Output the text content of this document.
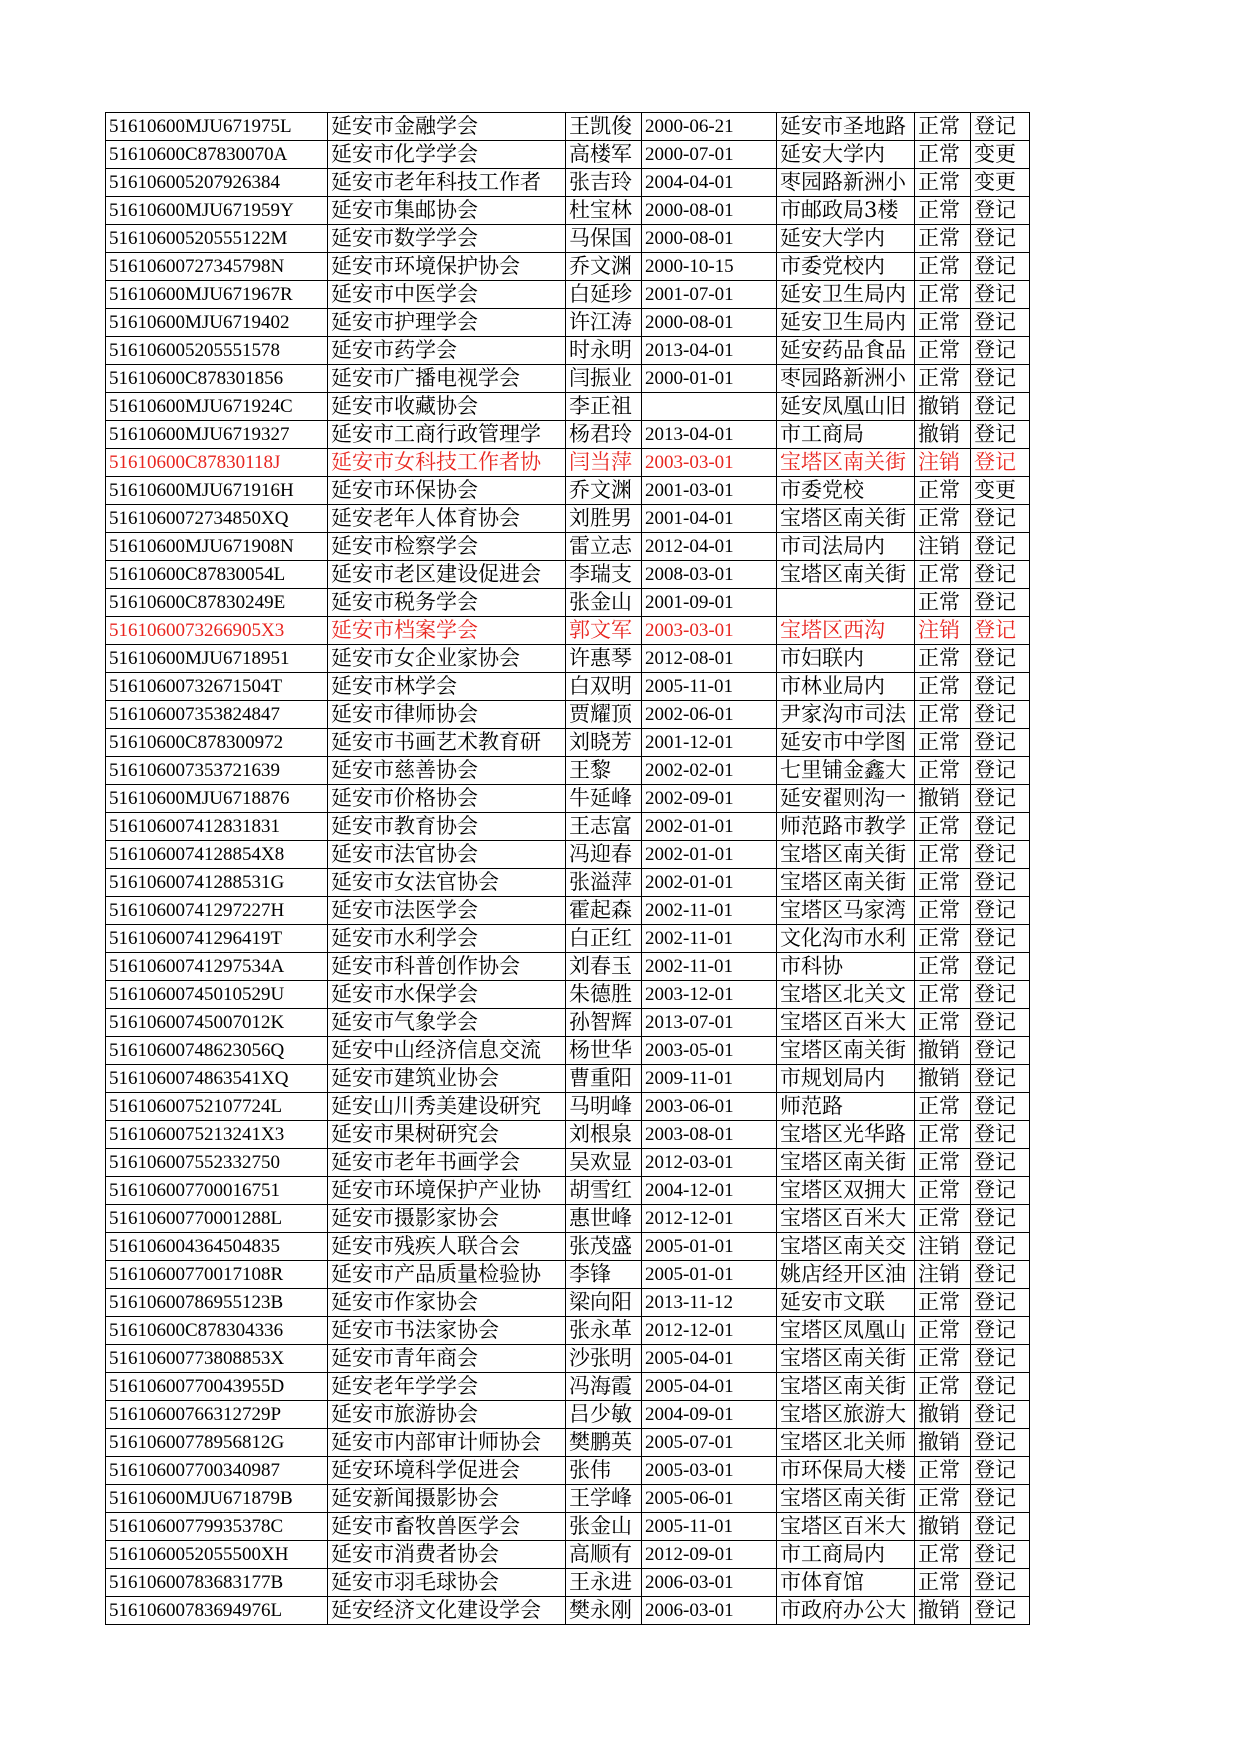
51610600MJU671975L	延安市金融学会	王凯俊	2000-06-21	延安市圣地路	正常	登记
51610600C87830070A	延安市化学学会	高楼军	2000-07-01	延安大学内	正常	变更
516106005207926384	延安市老年科技工作者	张吉玲	2004-04-01	枣园路新洲小	正常	变更
51610600MJU671959Y	延安市集邮协会	杜宝林	2000-08-01	市邮政局3楼	正常	登记
51610600520555122M	延安市数学学会	马保国	2000-08-01	延安大学内	正常	登记
51610600727345798N	延安市环境保护协会	乔文渊	2000-10-15	市委党校内	正常	登记
51610600MJU671967R	延安市中医学会	白延珍	2001-07-01	延安卫生局内	正常	登记
51610600MJU6719402	延安市护理学会	许江涛	2000-08-01	延安卫生局内	正常	登记
516106005205551578	延安市药学会	时永明	2013-04-01	延安药品食品	正常	登记
51610600C878301856	延安市广播电视学会	闫振业	2000-01-01	枣园路新洲小	正常	登记
51610600MJU671924C	延安市收藏协会	李正祖		延安凤凰山旧	撤销	登记
51610600MJU6719327	延安市工商行政管理学	杨君玲	2013-04-01	市工商局	撤销	登记
51610600C87830118J	延安市女科技工作者协	闫当萍	2003-03-01	宝塔区南关街	注销	登记
51610600MJU671916H	延安市环保协会	乔文渊	2001-03-01	市委党校	正常	变更
5161060072734850XQ	延安老年人体育协会	刘胜男	2001-04-01	宝塔区南关街	正常	登记
51610600MJU671908N	延安市检察学会	雷立志	2012-04-01	市司法局内	注销	登记
51610600C87830054L	延安市老区建设促进会	李瑞支	2008-03-01	宝塔区南关街	正常	登记
51610600C87830249E	延安市税务学会	张金山	2001-09-01		正常	登记
5161060073266905X3	延安市档案学会	郭文军	2003-03-01	宝塔区西沟	注销	登记
51610600MJU6718951	延安市女企业家协会	许惠琴	2012-08-01	市妇联内	正常	登记
51610600732671504T	延安市林学会	白双明	2005-11-01	市林业局内	正常	登记
516106007353824847	延安市律师协会	贾耀顶	2002-06-01	尹家沟市司法	正常	登记
51610600C878300972	延安市书画艺术教育研	刘晓芳	2001-12-01	延安市中学图	正常	登记
516106007353721639	延安市慈善协会	王黎	2002-02-01	七里铺金鑫大	正常	登记
51610600MJU6718876	延安市价格协会	牛延峰	2002-09-01	延安翟则沟一	撤销	登记
516106007412831831	延安市教育协会	王志富	2002-01-01	师范路市教学	正常	登记
5161060074128854X8	延安市法官协会	冯迎春	2002-01-01	宝塔区南关街	正常	登记
51610600741288531G	延安市女法官协会	张溢萍	2002-01-01	宝塔区南关街	正常	登记
51610600741297227H	延安市法医学会	霍起森	2002-11-01	宝塔区马家湾	正常	登记
51610600741296419T	延安市水利学会	白正红	2002-11-01	文化沟市水利	正常	登记
51610600741297534A	延安市科普创作协会	刘春玉	2002-11-01	市科协	正常	登记
51610600745010529U	延安市水保学会	朱德胜	2003-12-01	宝塔区北关文	正常	登记
51610600745007012K	延安市气象学会	孙智辉	2013-07-01	宝塔区百米大	正常	登记
51610600748623056Q	延安中山经济信息交流	杨世华	2003-05-01	宝塔区南关街	撤销	登记
5161060074863541XQ	延安市建筑业协会	曹重阳	2009-11-01	市规划局内	撤销	登记
51610600752107724L	延安山川秀美建设研究	马明峰	2003-06-01	师范路	正常	登记
5161060075213241X3	延安市果树研究会	刘根泉	2003-08-01	宝塔区光华路	正常	登记
516106007552332750	延安市老年书画学会	吴欢显	2012-03-01	宝塔区南关街	正常	登记
516106007700016751	延安市环境保护产业协	胡雪红	2004-12-01	宝塔区双拥大	正常	登记
51610600770001288L	延安市摄影家协会	惠世峰	2012-12-01	宝塔区百米大	正常	登记
516106004364504835	延安市残疾人联合会	张茂盛	2005-01-01	宝塔区南关交	注销	登记
51610600770017108R	延安市产品质量检验协	李锋	2005-01-01	姚店经开区油	注销	登记
51610600786955123B	延安市作家协会	梁向阳	2013-11-12	延安市文联	正常	登记
51610600C878304336	延安市书法家协会	张永革	2012-12-01	宝塔区凤凰山	正常	登记
51610600773808853X	延安市青年商会	沙张明	2005-04-01	宝塔区南关街	正常	登记
51610600770043955D	延安老年学学会	冯海霞	2005-04-01	宝塔区南关街	正常	登记
51610600766312729P	延安市旅游协会	吕少敏	2004-09-01	宝塔区旅游大	撤销	登记
51610600778956812G	延安市内部审计师协会	樊鹏英	2005-07-01	宝塔区北关师	撤销	登记
516106007700340987	延安环境科学促进会	张伟	2005-03-01	市环保局大楼	正常	登记
51610600MJU671879B	延安新闻摄影协会	王学峰	2005-06-01	宝塔区南关街	正常	登记
51610600779935378C	延安市畜牧兽医学会	张金山	2005-11-01	宝塔区百米大	撤销	登记
5161060052055500XH	延安市消费者协会	高顺有	2012-09-01	市工商局内	正常	登记
51610600783683177B	延安市羽毛球协会	王永进	2006-03-01	市体育馆	正常	登记
51610600783694976L	延安经济文化建设学会	樊永刚	2006-03-01	市政府办公大	撤销	登记
